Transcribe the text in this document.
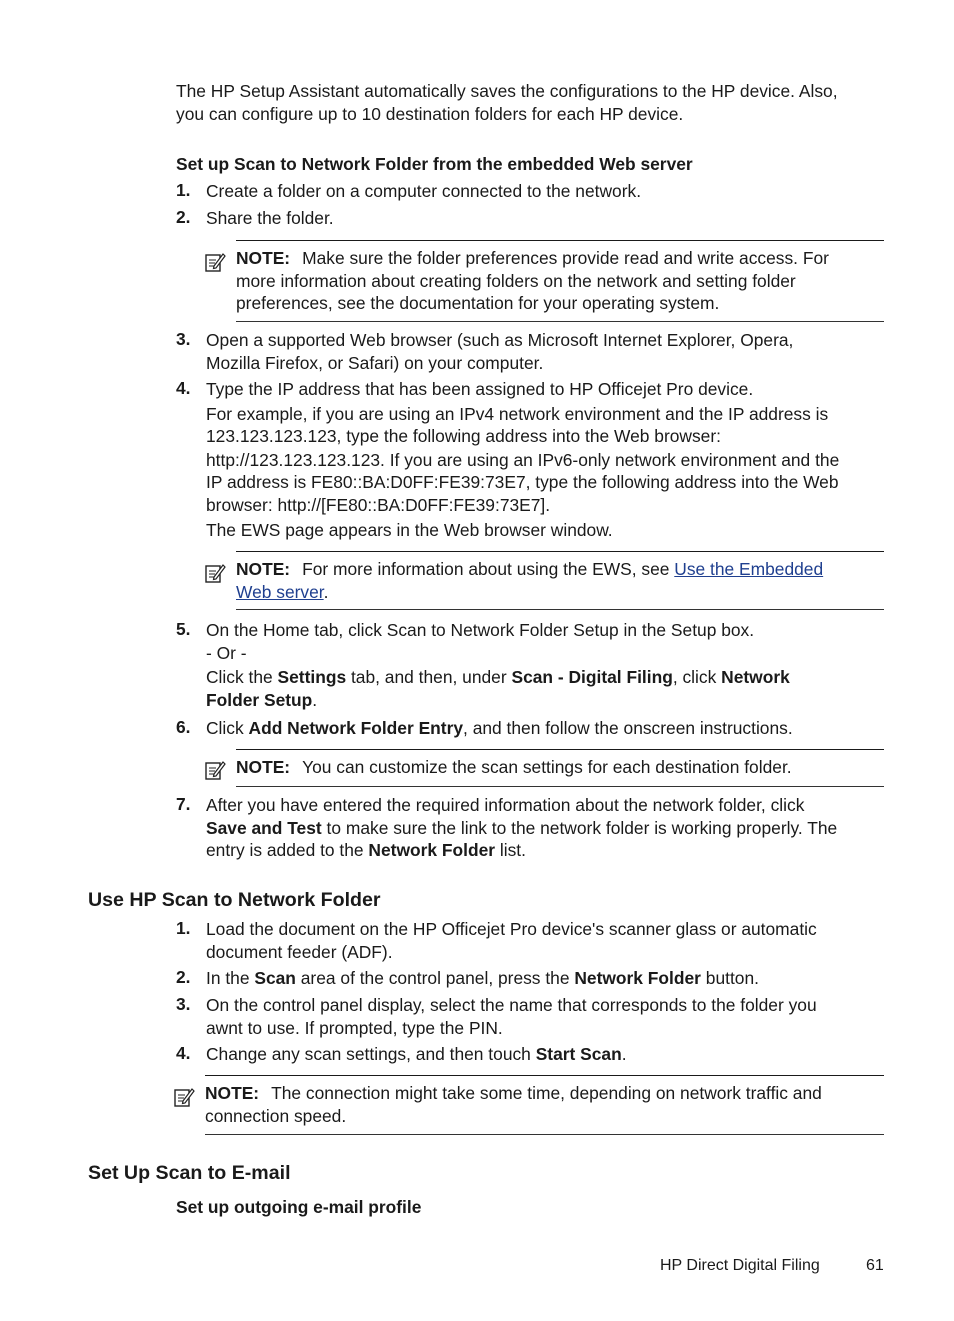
The HP Setup Assistant automatically saves the configurations to the HP device. Also,
you can configure up to 10 destination folders for each HP device.
Set up Scan to Network Folder from the embedded Web server
1. Create a folder on a computer connected to the network.
2. Share the folder.
NOTE: Make sure the folder preferences provide read and write access. For
more information about creating folders on the network and setting folder
preferences, see the documentation for your operating system.
3. Open a supported Web browser (such as Microsoft Internet Explorer, Opera,
Mozilla Firefox, or Safari) on your computer.
4. Type the IP address that has been assigned to HP Officejet Pro device.
For example, if you are using an IPv4 network environment and the IP address is
123.123.123.123, type the following address into the Web browser:
http://123.123.123.123. If you are using an IPv6-only network environment and the
IP address is FE80::BA:D0FF:FE39:73E7, type the following address into the Web
browser: http://[FE80::BA:D0FF:FE39:73E7].
The EWS page appears in the Web browser window.
NOTE: For more information about using the EWS, see Use the Embedded
Web server.
5. On the Home tab, click Scan to Network Folder Setup in the Setup box.
- Or -
Click the Settings tab, and then, under Scan - Digital Filing, click Network
Folder Setup.
6. Click Add Network Folder Entry, and then follow the onscreen instructions.
NOTE: You can customize the scan settings for each destination folder.
7. After you have entered the required information about the network folder, click
Save and Test to make sure the link to the network folder is working properly. The
entry is added to the Network Folder list.
Use HP Scan to Network Folder
1. Load the document on the HP Officejet Pro device's scanner glass or automatic
document feeder (ADF).
2. In the Scan area of the control panel, press the Network Folder button.
3. On the control panel display, select the name that corresponds to the folder you
awnt to use. If prompted, type the PIN.
4. Change any scan settings, and then touch Start Scan.
NOTE: The connection might take some time, depending on network traffic and
connection speed.
Set Up Scan to E-mail
Set up outgoing e-mail profile
HP Direct Digital Filing	61
